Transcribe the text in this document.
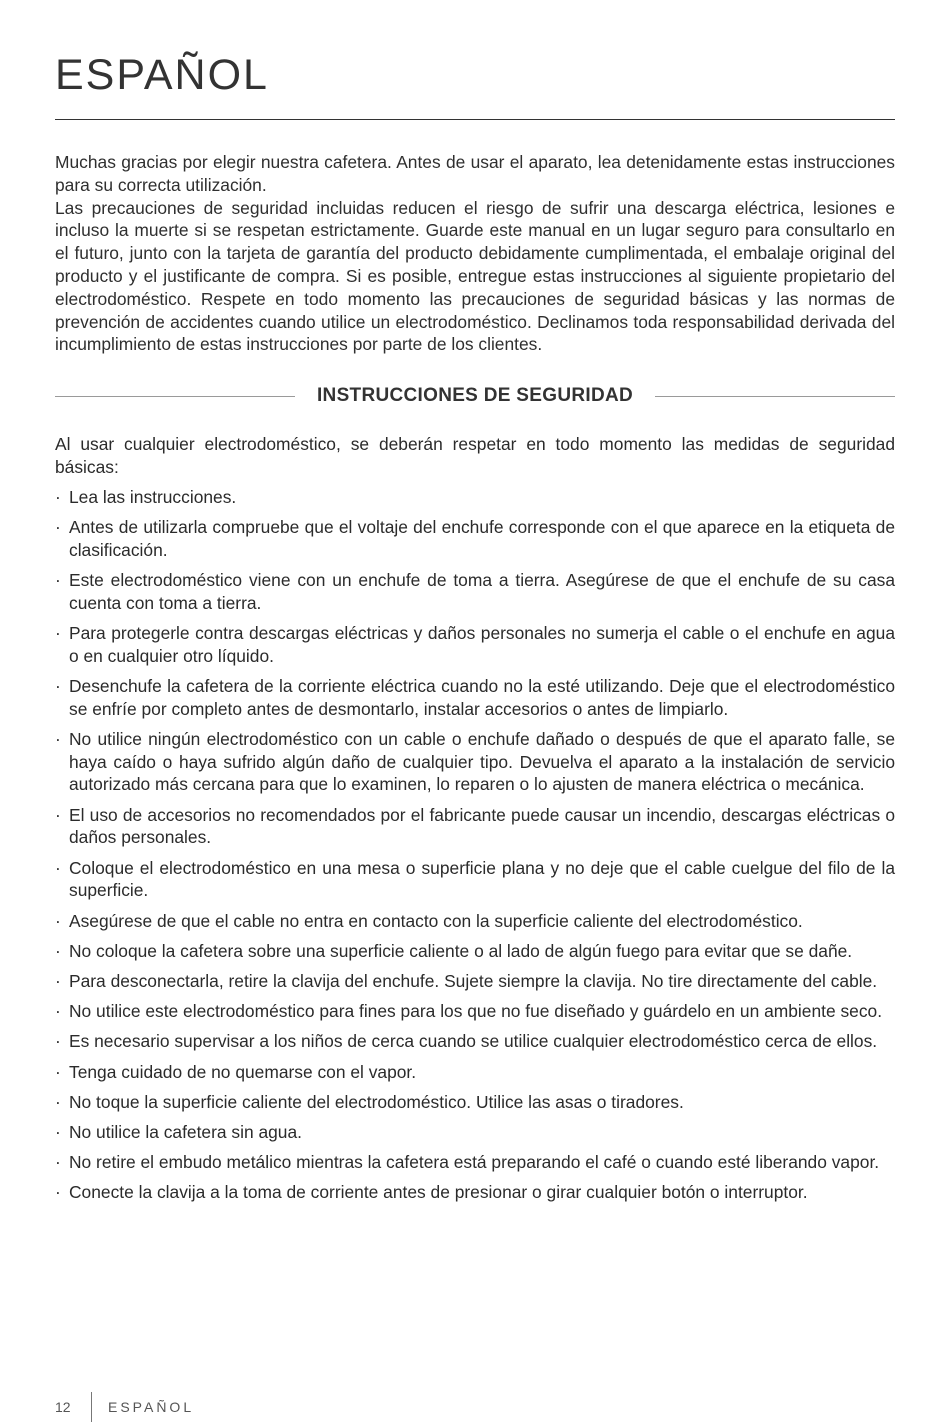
ESPAÑOL

Muchas gracias por elegir nuestra cafetera. Antes de usar el aparato, lea detenidamente estas instrucciones para su correcta utilización.

Las precauciones de seguridad incluidas reducen el riesgo de sufrir una descarga eléctrica, lesiones e incluso la muerte si se respetan estrictamente. Guarde este manual en un lugar seguro para consultarlo en el futuro, junto con la tarjeta de garantía del producto debidamente cumplimentada, el embalaje original del producto y el justificante de compra. Si es posible, entregue estas instrucciones al siguiente propietario del electrodoméstico. Respete en todo momento las precauciones de seguridad básicas y las normas de prevención de accidentes cuando utilice un electrodoméstico. Declinamos toda responsabilidad derivada del incumplimiento de estas instrucciones por parte de los clientes.

INSTRUCCIONES DE SEGURIDAD
Al usar cualquier electrodoméstico, se deberán respetar en todo momento las medidas de seguridad básicas:
· Lea las instrucciones.
· Antes de utilizarla compruebe que el voltaje del enchufe corresponde con el que aparece en la etiqueta de clasificación.
· Este electrodoméstico viene con un enchufe de toma a tierra. Asegúrese de que el enchufe de su casa cuenta con toma a tierra.
· Para protegerle contra descargas eléctricas y daños personales no sumerja el cable o el enchufe en agua o en cualquier otro líquido.
· Desenchufe la cafetera de la corriente eléctrica cuando no la esté utilizando. Deje que el electrodoméstico se enfríe por completo antes de desmontarlo, instalar accesorios o antes de limpiarlo.
· No utilice ningún electrodoméstico con un cable o enchufe dañado o después de que el aparato falle, se haya caído o haya sufrido algún daño de cualquier tipo. Devuelva el aparato a la instalación de servicio autorizado más cercana para que lo examinen, lo reparen o lo ajusten de manera eléctrica o mecánica.
· El uso de accesorios no recomendados por el fabricante puede causar un incendio, descargas eléctricas o daños personales.
· Coloque el electrodoméstico en una mesa o superficie plana y no deje que el cable cuelgue del filo de la superficie.
· Asegúrese de que el cable no entra en contacto con la superficie caliente del electrodoméstico.
· No coloque la cafetera sobre una superficie caliente o al lado de algún fuego para evitar que se dañe.
· Para desconectarla, retire la clavija del enchufe. Sujete siempre la clavija. No tire directamente del cable.
· No utilice este electrodoméstico para fines para los que no fue diseñado y guárdelo en un ambiente seco.
· Es necesario supervisar a los niños de cerca cuando se utilice cualquier electrodoméstico cerca de ellos.
· Tenga cuidado de no quemarse con el vapor.
· No toque la superficie caliente del electrodoméstico. Utilice las asas o tiradores.
· No utilice la cafetera sin agua.
· No retire el embudo metálico mientras la cafetera está preparando el café o cuando esté liberando vapor.
· Conecte la clavija a la toma de corriente antes de presionar o girar cualquier botón o interruptor.
12	ESPAÑOL
